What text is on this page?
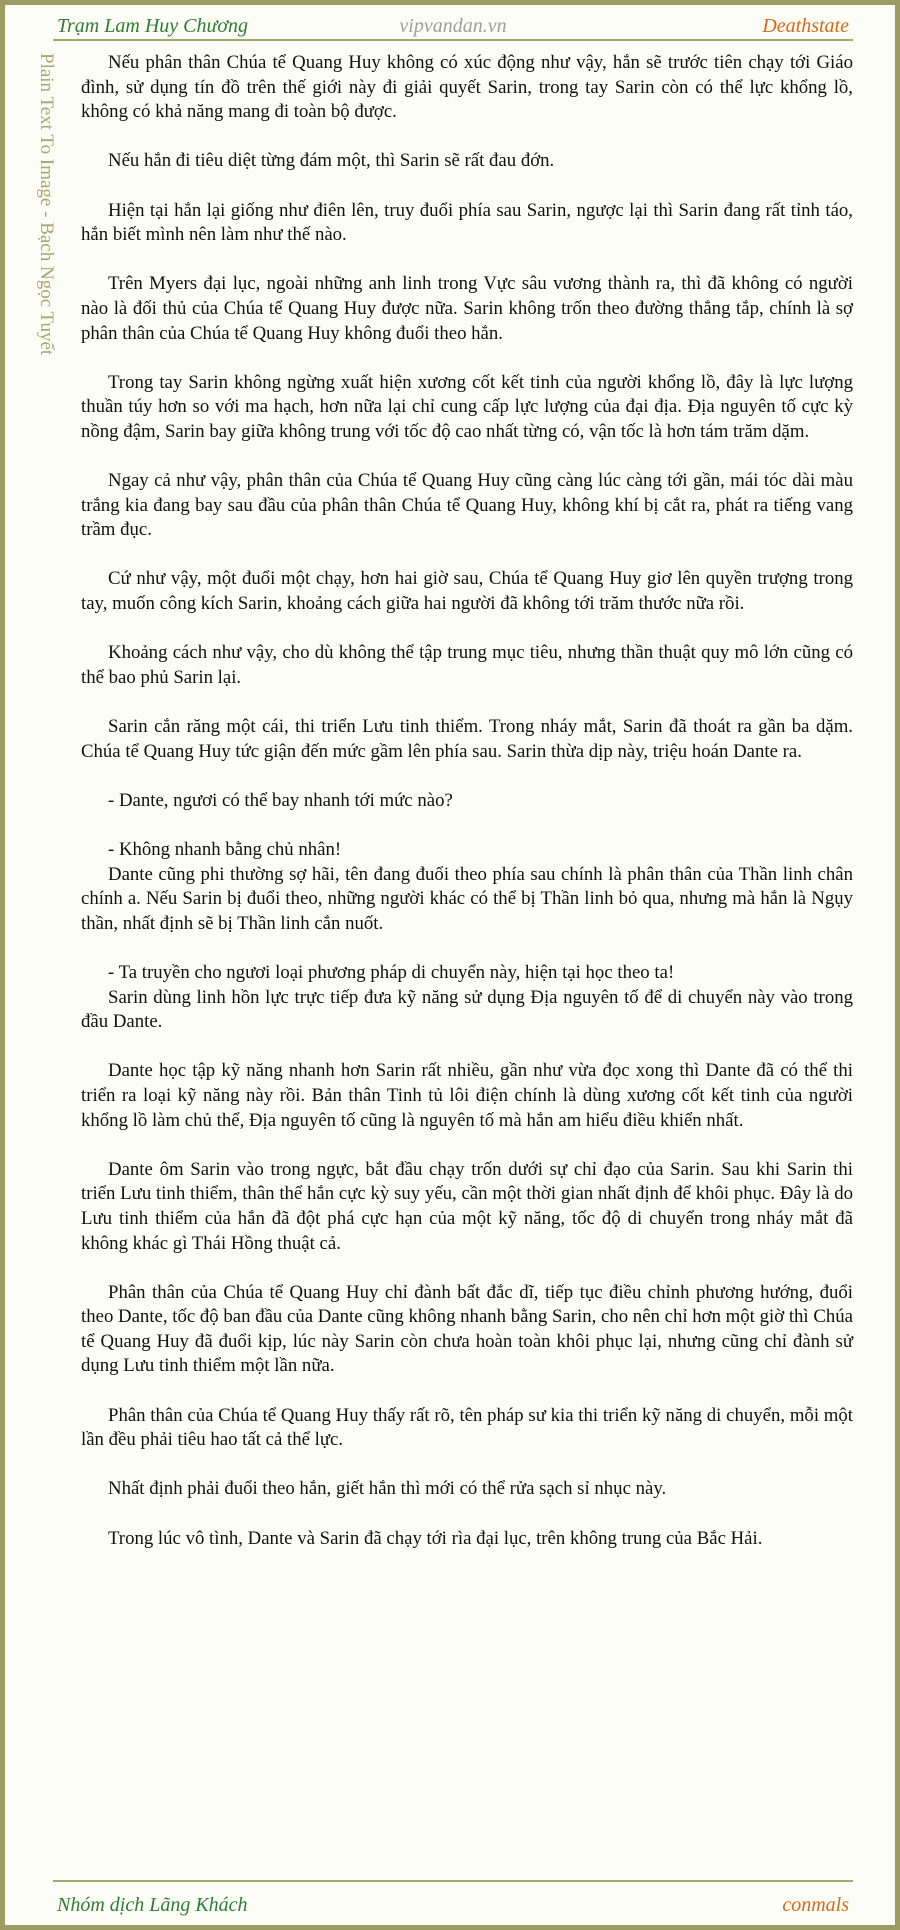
Trạm Lam Huy Chương	vipvandan.vn	Deathstate
Plain Text To Image - Bạch Ngọc Tuyết	Nếu phân thân Chúa tể Quang Huy không có xúc động như vậy, hắn sẽ trước tiên chạy tới Giáo đình, sử dụng tín đồ trên thế giới này đi giải quyết Sarin, trong tay Sarin còn có thể lực khổng lồ, không có khả năng mang đi toàn bộ được.

Nếu hắn đi tiêu diệt từng đám một, thì Sarin sẽ rất đau đớn.

Hiện tại hắn lại giống như điên lên, truy đuổi phía sau Sarin, ngược lại thì Sarin đang rất tỉnh táo, hắn biết mình nên làm như thế nào.

Trên Myers đại lục, ngoài những anh linh trong Vực sâu vương thành ra, thì đã không có người nào là đối thủ của Chúa tể Quang Huy được nữa. Sarin không trốn theo đường thẳng tắp, chính là sợ phân thân của Chúa tể Quang Huy không đuổi theo hắn.

Trong tay Sarin không ngừng xuất hiện xương cốt kết tinh của người khổng lồ, đây là lực lượng thuần túy hơn so với ma hạch, hơn nữa lại chỉ cung cấp lực lượng của đại địa. Địa nguyên tố cực kỳ nồng đậm, Sarin bay giữa không trung với tốc độ cao nhất từng có, vận tốc là hơn tám trăm dặm.

Ngay cả như vậy, phân thân của Chúa tể Quang Huy cũng càng lúc càng tới gần, mái tóc dài màu trắng kia đang bay sau đầu của phân thân Chúa tể Quang Huy, không khí bị cắt ra, phát ra tiếng vang trầm đục.

Cứ như vậy, một đuổi một chạy, hơn hai giờ sau, Chúa tể Quang Huy giơ lên quyền trượng trong tay, muốn công kích Sarin, khoảng cách giữa hai người đã không tới trăm thước nữa rồi.

Khoảng cách như vậy, cho dù không thể tập trung mục tiêu, nhưng thần thuật quy mô lớn cũng có thể bao phủ Sarin lại.

Sarin cắn răng một cái, thi triển Lưu tinh thiểm. Trong nháy mắt, Sarin đã thoát ra gần ba dặm. Chúa tể Quang Huy tức giận đến mức gầm lên phía sau. Sarin thừa dịp này, triệu hoán Dante ra.

- Dante, ngươi có thể bay nhanh tới mức nào?

- Không nhanh bằng chủ nhân!

Dante cũng phi thường sợ hãi, tên đang đuổi theo phía sau chính là phân thân của Thần linh chân chính a. Nếu Sarin bị đuổi theo, những người khác có thể bị Thần linh bỏ qua, nhưng mà hắn là Ngụy thần, nhất định sẽ bị Thần linh cắn nuốt.

- Ta truyền cho ngươi loại phương pháp di chuyển này, hiện tại học theo ta!

Sarin dùng linh hồn lực trực tiếp đưa kỹ năng sử dụng Địa nguyên tố để di chuyển này vào trong đầu Dante.

Dante học tập kỹ năng nhanh hơn Sarin rất nhiều, gần như vừa đọc xong thì Dante đã có thể thi triển ra loại kỹ năng này rồi. Bản thân Tinh tủ lôi điện chính là dùng xương cốt kết tinh của người khổng lồ làm chủ thể, Địa nguyên tố cũng là nguyên tố mà hắn am hiểu điều khiển nhất.

Dante ôm Sarin vào trong ngực, bắt đầu chạy trốn dưới sự chỉ đạo của Sarin. Sau khi Sarin thi triển Lưu tinh thiểm, thân thể hắn cực kỳ suy yếu, cần một thời gian nhất định để khôi phục. Đây là do Lưu tinh thiểm của hắn đã đột phá cực hạn của một kỹ năng, tốc độ di chuyển trong nháy mắt đã không khác gì Thái Hồng thuật cả.

Phân thân của Chúa tể Quang Huy chỉ đành bất đắc dĩ, tiếp tục điều chỉnh phương hướng, đuổi theo Dante, tốc độ ban đầu của Dante cũng không nhanh bằng Sarin, cho nên chỉ hơn một giờ thì Chúa tể Quang Huy đã đuổi kịp, lúc này Sarin còn chưa hoàn toàn khôi phục lại, nhưng cũng chỉ đành sử dụng Lưu tinh thiểm một lần nữa.

Phân thân của Chúa tể Quang Huy thấy rất rõ, tên pháp sư kia thi triển kỹ năng di chuyển, mỗi một lần đều phải tiêu hao tất cả thể lực.

Nhất định phải đuổi theo hắn, giết hắn thì mới có thể rửa sạch sỉ nhục này.

Trong lúc vô tình, Dante và Sarin đã chạy tới rìa đại lục, trên không trung của Bắc Hải.

Nhóm dịch Lãng Khách	conmals
